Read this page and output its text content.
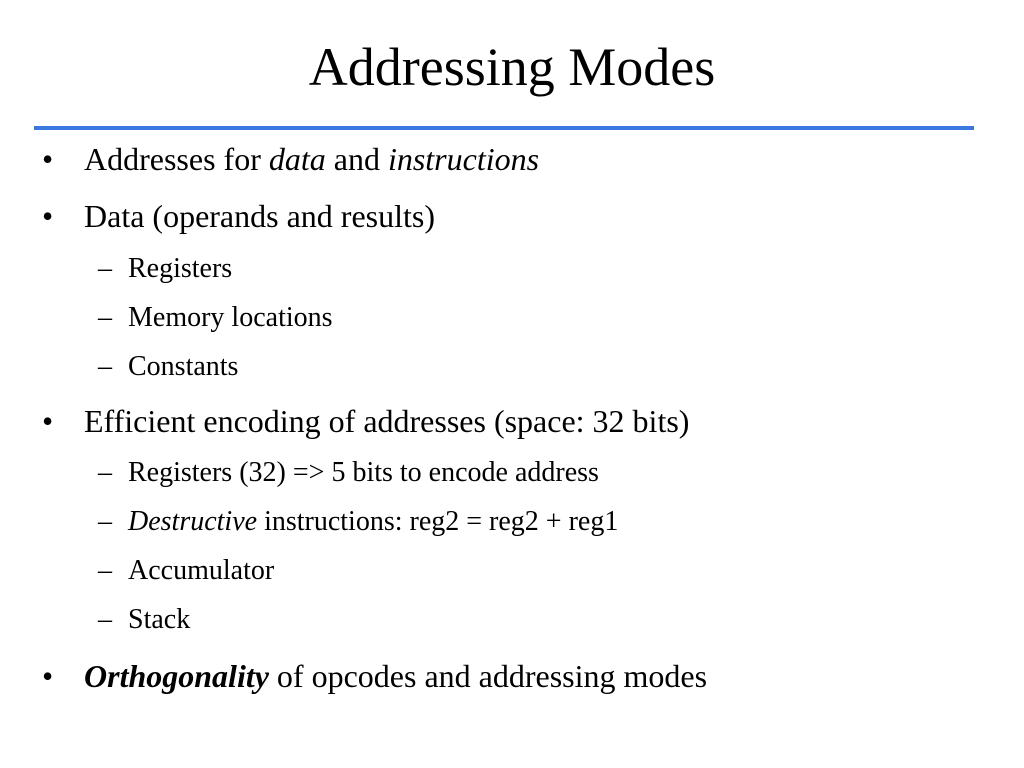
Addressing Modes
• Addresses for data and instructions
• Data (operands and results)
– Registers
– Memory locations
– Constants
• Efficient encoding of addresses (space: 32 bits)
– Registers (32) => 5 bits to encode address
– Destructive instructions: reg2 = reg2 + reg1
– Accumulator
– Stack
• Orthogonality of opcodes and addressing modes
